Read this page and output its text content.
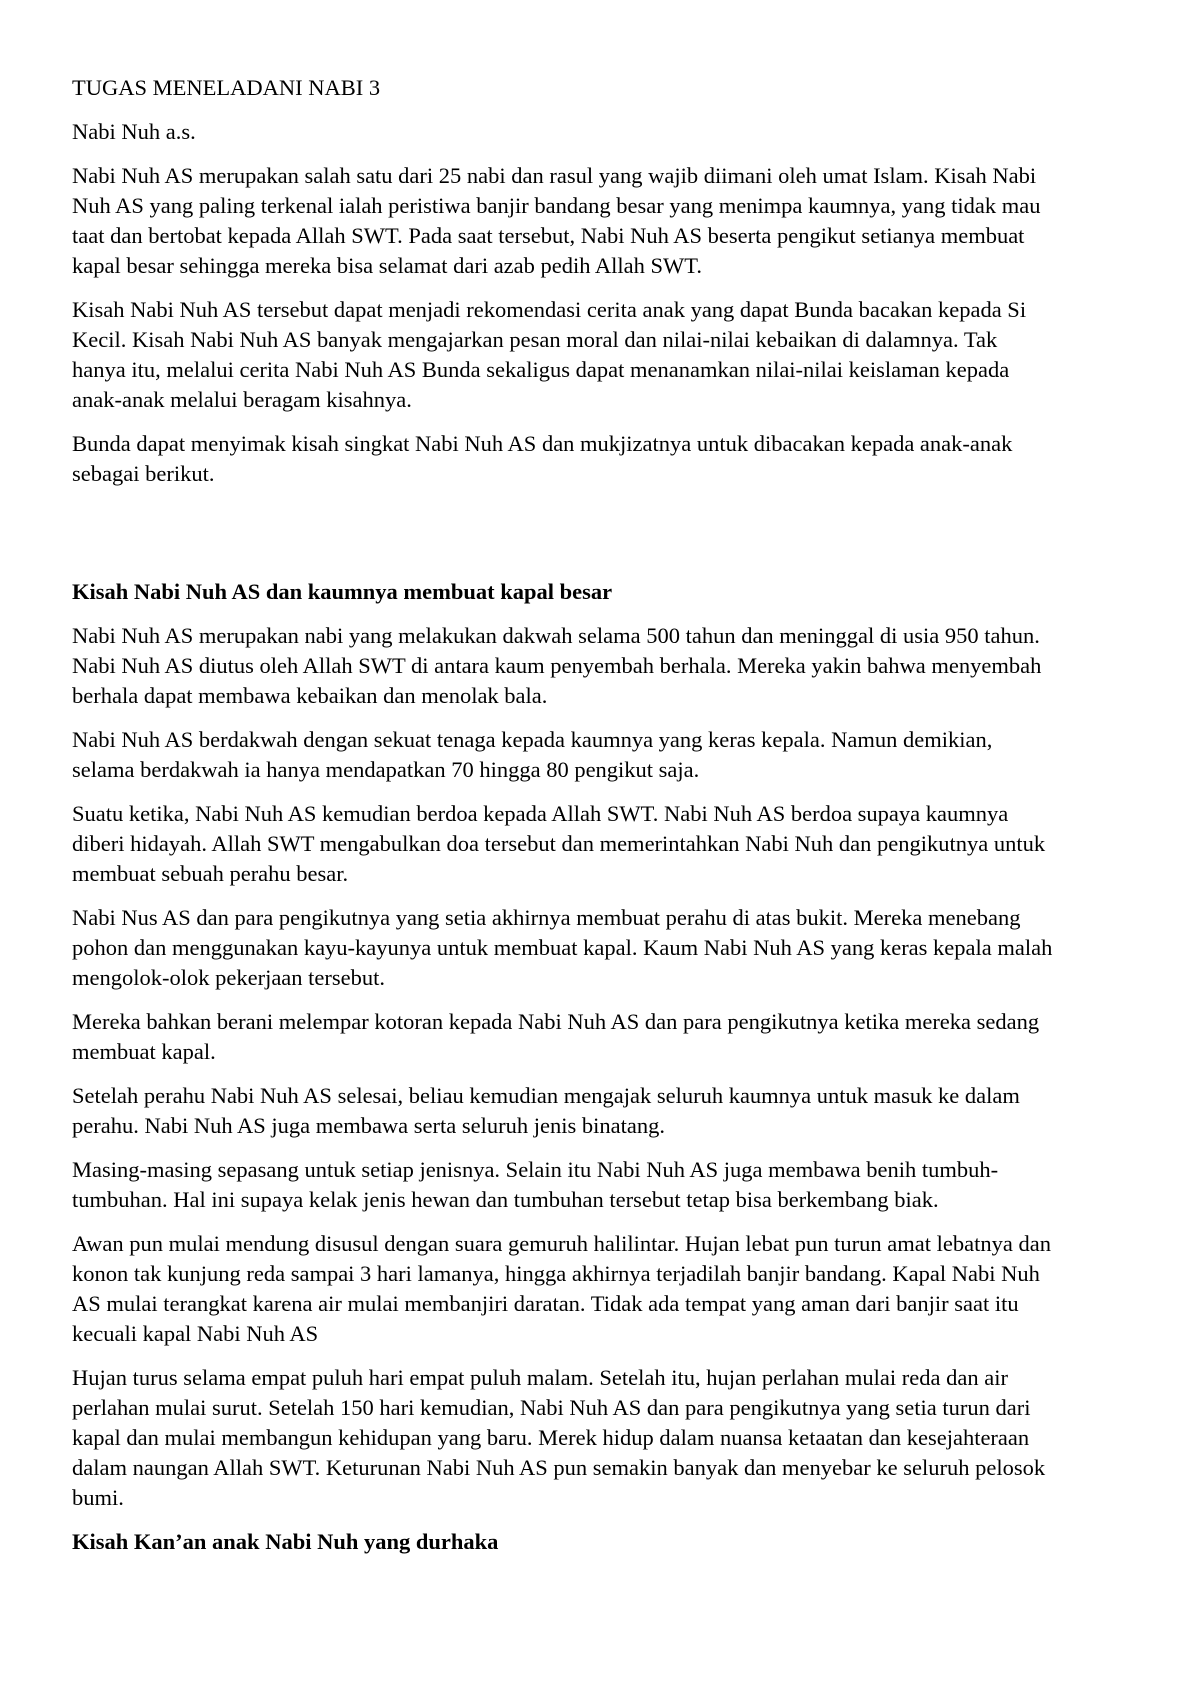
TUGAS MENELADANI NABI 3
Nabi Nuh a.s.

Nabi Nuh AS merupakan salah satu dari 25 nabi dan rasul yang wajib diimani oleh umat Islam. Kisah Nabi
Nuh AS yang paling terkenal ialah peristiwa banjir bandang besar yang menimpa kaumnya, yang tidak mau
taat dan bertobat kepada Allah SWT. Pada saat tersebut, Nabi Nuh AS beserta pengikut setianya membuat
kapal besar sehingga mereka bisa selamat dari azab pedih Allah SWT.

Kisah Nabi Nuh AS tersebut dapat menjadi rekomendasi cerita anak yang dapat Bunda bacakan kepada Si
Kecil. Kisah Nabi Nuh AS banyak mengajarkan pesan moral dan nilai-nilai kebaikan di dalamnya. Tak
hanya itu, melalui cerita Nabi Nuh AS Bunda sekaligus dapat menanamkan nilai-nilai keislaman kepada
anak-anak melalui beragam kisahnya.

Bunda dapat menyimak kisah singkat Nabi Nuh AS dan mukjizatnya untuk dibacakan kepada anak-anak
sebagai berikut.

Kisah Nabi Nuh AS dan kaumnya membuat kapal besar

Nabi Nuh AS merupakan nabi yang melakukan dakwah selama 500 tahun dan meninggal di usia 950 tahun.
Nabi Nuh AS diutus oleh Allah SWT di antara kaum penyembah berhala. Mereka yakin bahwa menyembah
berhala dapat membawa kebaikan dan menolak bala.

Nabi Nuh AS berdakwah dengan sekuat tenaga kepada kaumnya yang keras kepala. Namun demikian,
selama berdakwah ia hanya mendapatkan 70 hingga 80 pengikut saja.

Suatu ketika, Nabi Nuh AS kemudian berdoa kepada Allah SWT. Nabi Nuh AS berdoa supaya kaumnya
diberi hidayah. Allah SWT mengabulkan doa tersebut dan memerintahkan Nabi Nuh dan pengikutnya untuk
membuat sebuah perahu besar.

Nabi Nus AS dan para pengikutnya yang setia akhirnya membuat perahu di atas bukit. Mereka menebang
pohon dan menggunakan kayu-kayunya untuk membuat kapal. Kaum Nabi Nuh AS yang keras kepala malah
mengolok-olok pekerjaan tersebut.

Mereka bahkan berani melempar kotoran kepada Nabi Nuh AS dan para pengikutnya ketika mereka sedang
membuat kapal.

Setelah perahu Nabi Nuh AS selesai, beliau kemudian mengajak seluruh kaumnya untuk masuk ke dalam
perahu. Nabi Nuh AS juga membawa serta seluruh jenis binatang.

Masing-masing sepasang untuk setiap jenisnya. Selain itu Nabi Nuh AS juga membawa benih tumbuh-
tumbuhan. Hal ini supaya kelak jenis hewan dan tumbuhan tersebut tetap bisa berkembang biak.

Awan pun mulai mendung disusul dengan suara gemuruh halilintar. Hujan lebat pun turun amat lebatnya dan
konon tak kunjung reda sampai 3 hari lamanya, hingga akhirnya terjadilah banjir bandang. Kapal Nabi Nuh
AS mulai terangkat karena air mulai membanjiri daratan. Tidak ada tempat yang aman dari banjir saat itu
kecuali kapal Nabi Nuh AS

Hujan turus selama empat puluh hari empat puluh malam. Setelah itu, hujan perlahan mulai reda dan air
perlahan mulai surut. Setelah 150 hari kemudian, Nabi Nuh AS dan para pengikutnya yang setia turun dari
kapal dan mulai membangun kehidupan yang baru. Merek hidup dalam nuansa ketaatan dan kesejahteraan
dalam naungan Allah SWT. Keturunan Nabi Nuh AS pun semakin banyak dan menyebar ke seluruh pelosok
bumi.

Kisah Kan’an anak Nabi Nuh yang durhaka
